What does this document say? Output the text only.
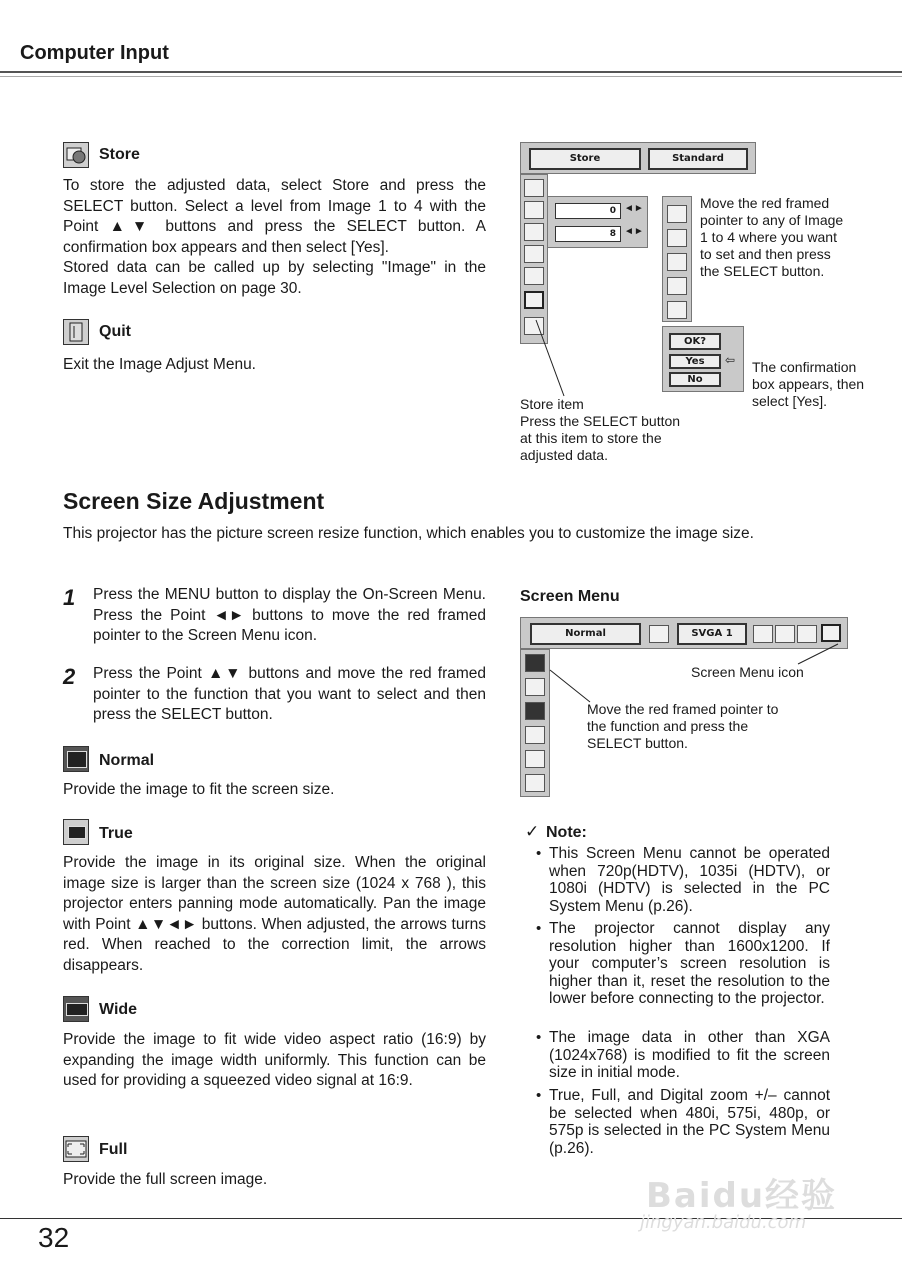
Computer Input
Store
To store the adjusted data, select Store and press the SELECT button. Select a level from Image 1 to 4 with the Point ▲▼ buttons and press the SELECT button. A confirmation box appears and then select [Yes].
Stored data can be called up by selecting "Image" in the Image Level Selection on page 30.
Quit
Exit the Image Adjust Menu.
Store	Standard
0 ◄►
8 ◄►
Move the red framed pointer to any of Image 1 to 4 where you want to set and then press the SELECT button.
OK?
Yes
No
⇦ The confirmation box appears, then select [Yes].
Store item
Press the SELECT button at this item to store the adjusted data.
Screen Size Adjustment
This projector has the picture screen resize function, which enables you to customize the image size.
1 Press the MENU button to display the On-Screen Menu. Press the Point ◄► buttons to move the red framed pointer to the Screen Menu icon.
2 Press the Point ▲▼ buttons and move the red framed pointer to the function that you want to select and then press the SELECT button.
Normal
Provide the image to fit the screen size.
True
Provide the image in its original size. When the original image size is larger than the screen size (1024 x 768 ), this projector enters panning mode automatically. Pan the image with Point ▲▼◄► buttons. When adjusted, the arrows turns red. When reached to the correction limit, the arrows disappears.
Wide
Provide the image to fit wide video aspect ratio (16:9) by expanding the image width uniformly. This function can be used for providing a squeezed video signal at 16:9.
Full
Provide the full screen image.
Screen Menu
Normal	SVGA 1
Screen Menu icon
Move the red framed pointer to the function and press the SELECT button.
✓ Note:
• This Screen Menu cannot be operated when 720p(HDTV), 1035i (HDTV), or 1080i (HDTV) is selected in the PC System Menu (p.26).
• The projector cannot display any resolution higher than 1600x1200. If your computer’s screen resolution is higher than it, reset the resolution to the lower before connecting to the projector.
• The image data in other than XGA (1024x768) is modified to fit the screen size in initial mode.
• True, Full, and Digital zoom +/– cannot be selected when 480i, 575i, 480p, or 575p is selected in the PC System Menu (p.26).
32
Baidu经验
jingyan.baidu.com
